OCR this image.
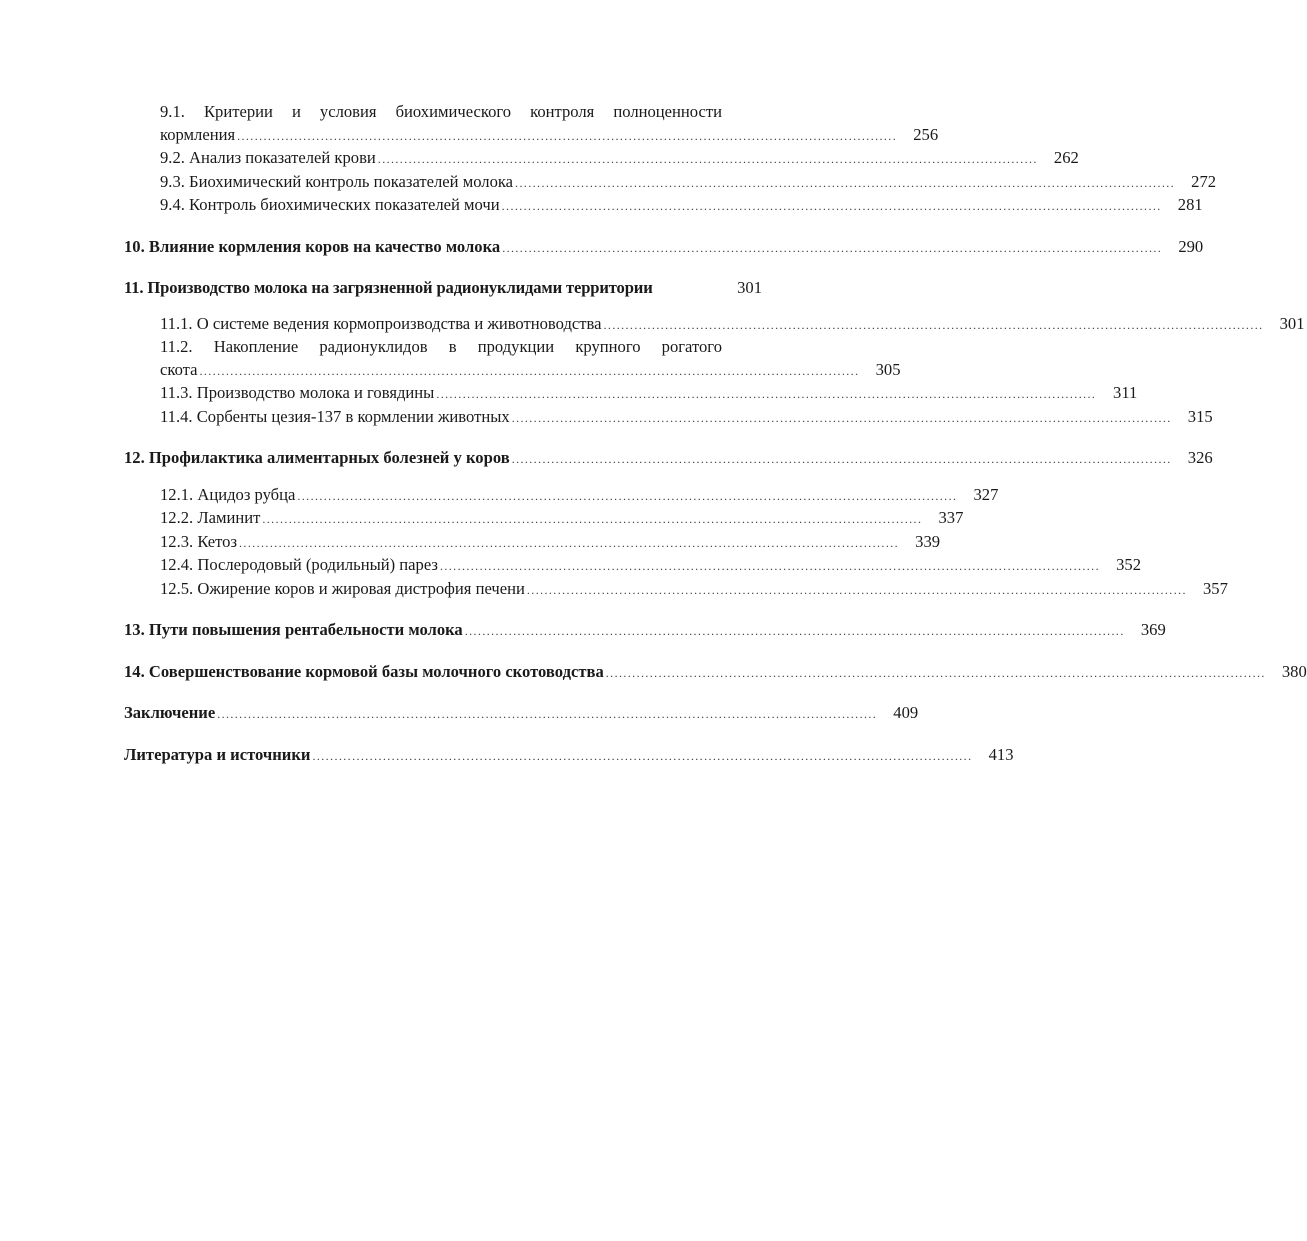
9.1. Критерии и условия биохимического контроля полноценности
кормления ...................................................................................................................................................... 256
9.2. Анализ показателей крови ...................................................................................................................................................... 262
9.3. Биохимический контроль показателей молока ...................................................................................................................................................... 272
9.4. Контроль биохимических показателей мочи ...................................................................................................................................................... 281
10. Влияние кормления коров на качество молока ...................................................................................................................................................... 290
11. Производство молока на загрязненной радионуклидами территории	301
11.1. О системе ведения кормопроизводства и животноводства ...................................................................................................................................................... 301
11.2. Накопление радионуклидов в продукции крупного рогатого
скота ...................................................................................................................................................... 305
11.3. Производство молока и говядины ......................................................................................................................................................	311
11.4. Сорбенты цезия-137 в кормлении животных ...................................................................................................................................................... 315
12. Профилактика алиментарных болезней у коров ...................................................................................................................................................... 326
12.1. Ацидоз рубца ...................................................................................................................................................... 327
12.2. Ламинит ...................................................................................................................................................... 337
12.3. Кетоз ...................................................................................................................................................... 339
12.4. Послеродовый (родильный) парез ...................................................................................................................................................... 352
12.5. Ожирение коров и жировая дистрофия печени ...................................................................................................................................................... 357
13. Пути повышения рентабельности молока ...................................................................................................................................................... 369
14. Совершенствование кормовой базы молочного скотоводства ...................................................................................................................................................... 380
Заключение ...................................................................................................................................................... 409
Литература и источники ...................................................................................................................................................... 413
